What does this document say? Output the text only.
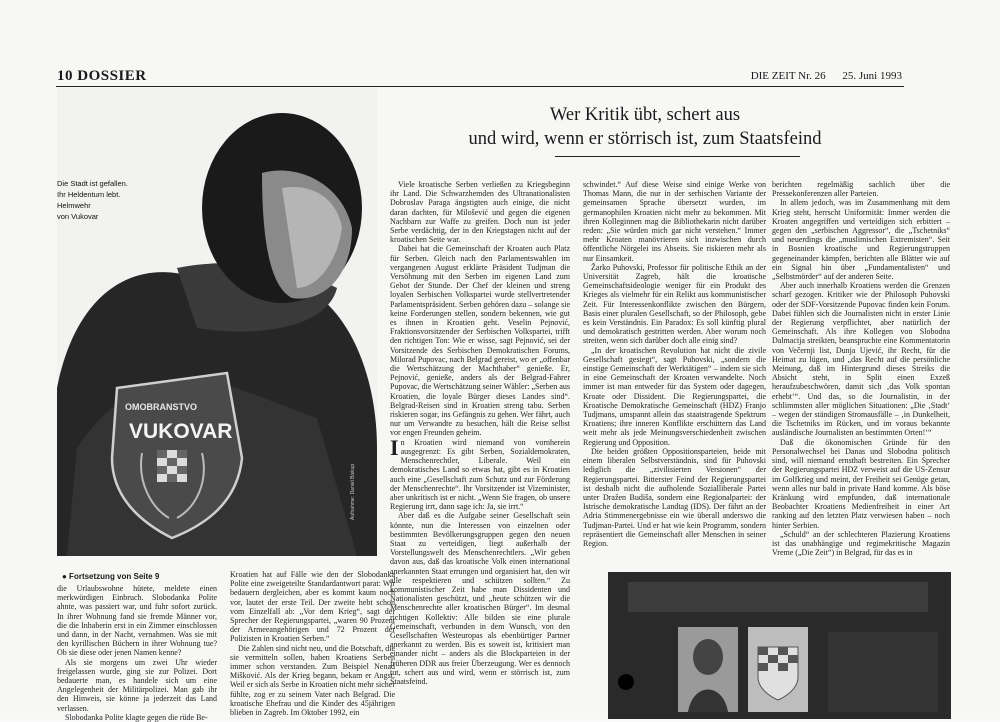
10 DOSSIER	DIE ZEIT Nr. 26 25. Juni 1993
OMOBRANSTVO
VUKOVAR
Die Stadt ist gefallen.
Ihr Heldentum lebt.
Helmwehr
von Vukovar
Aufnahme: Daniel Biskup
Wer Kritik übt, schert aus
und wird, wenn er störrisch ist, zum Staatsfeind

Viele kroatische Serben verließen zu Kriegsbeginn ihr Land. Die Schwarzhemden des Ultranationalisten Dobroslav Paraga ängstigten auch einige, die nicht daran dachten, für Milošević und gegen die eigenen Nachbarn zur Waffe zu greifen. Doch nun ist jeder Serbe verdächtig, der in den Kriegstagen nicht auf der kroatischen Seite war.

Dabei hat die Gemeinschaft der Kroaten auch Platz für Serben. Gleich nach den Parlamentswahlen im vergangenen August erklärte Präsident Tudjman die Versöhnung mit den Serben im eigenen Land zum Gebot der Stunde. Der Chef der kleinen und streng loyalen Serbischen Volkspartei wurde stellvertretender Parlamentspräsident. Serben gehören dazu – solange sie keine Forderungen stellen, sondern bekennen, wie gut es ihnen in Kroatien geht. Veselin Pejnović, Fraktionsvorsitzender der Serbischen Volkspartei, trifft den richtigen Ton: Wie er wisse, sagt Pejnović, sei der Vorsitzende des Serbischen Demokratischen Forums, Milorad Pupovac, nach Belgrad gereist, wo er „offenbar die Wertschätzung der Machthaber“ genieße. Er, Pejnović, genieße, anders als der Belgrad-Fahrer Pupovac, die Wertschätzung seiner Wähler: „Serben aus Kroatien, die loyale Bürger dieses Landes sind“. Belgrad-Reisen sind in Kroatien streng tabu. Serben riskieren sogar, ins Gefängnis zu gehen. Wer fährt, auch nur um Verwandte zu besuchen, hält die Reise selbst vor engen Freunden geheim.

In Kroatien wird niemand von vornherein ausgegrenzt: Es gibt Serben, Sozialdemokraten, Menschenrechtler, Liberale. Weil ein demokratisches Land so etwas hat, gibt es in Kroatien auch eine „Gesellschaft zum Schutz und zur Förderung der Menschenrechte“. Ihr Vorsitzender ist Vizeminister, aber unkritisch ist er nicht. „Wenn Sie fragen, ob unsere Regierung irrt, dann sage ich: Ja, sie irrt.“

Aber daß es die Aufgabe seiner Gesellschaft sein könnte, nun die Interessen von einzelnen oder bestimmten Bevölkerungsgruppen gegen den neuen Staat zu verteidigen, liegt außerhalb der Vorstellungswelt des Menschenrechtlers. „Wir geben davon aus, daß das kroatische Volk einen international anerkannten Staat errungen und organisiert hat, den wir alle respektieren und schützen sollten.“ Zu kommunistischer Zeit habe man Dissidenten und Nationalisten geschützt, und „heute schützen wir die Menschenrechte aller kroatischen Bürger“. Im desmal richtigen Kollektiv: Alle bilden sie eine plurale Gemeinschaft, verbunden in dem Wunsch, von den Gesellschaften Westeuropas als ebenbürtiger Partner anerkannt zu werden. Bis es soweit ist, kritisiert man einander nicht – anders als die Blockparteien in der früheren DDR aus freier Überzeugung. Wer es dennoch tut, schert aus und wird, wenn er störrisch ist, zum Staatsfeind.

schwindet.“ Auf diese Weise sind einige Werke von Thomas Mann, die nur in der serbischen Variante der gemeinsamen Sprache übersetzt wurden, im germanophilen Kroatien nicht mehr zu bekommen. Mit ihren Kolleginnen mag die Bibliothekarin nicht darüber reden: „Sie würden mich gar nicht verstehen.“ Immer mehr Kroaten manövrieren sich inzwischen durch öffentliche Nörgelei ins Abseits. Sie riskieren mehr als nur Einsamkeit.

Žarko Puhovski, Professor für politische Ethik an der Universität Zagreb, hält die kroatische Gemeinschaftsideologie weniger für ein Produkt des Krieges als vielmehr für ein Relikt aus kommunistischer Zeit. Für Interessenkonflikte zwischen den Bürgern, Basis einer pluralen Gesellschaft, so der Philosoph, gebe es kein Verständnis. Ein Paradox: Es soll künftig plural und demokratisch gestritten werden. Aber worum noch streiten, wenn sich darüber doch alle einig sind?

„In der kroatischen Revolution hat nicht die zivile Gesellschaft gesiegt“, sagt Puhovski, „sondern die einstige Gemeinschaft der Werktätigen“ – indem sie sich in eine Gemeinschaft der Kroaten verwandelte. Noch immer ist man entweder für das System oder dagegen, Kroate oder Dissident. Die Regierungspartei, die Kroatische Demokratische Gemeinschaft (HDZ) Franjo Tudjmans, umspannt allein das staatstragende Spektrum Kroatiens; ihre inneren Konflikte erschüttern das Land weit mehr als jede Meinungsverschiedenheit zwischen Regierung und Opposition.

Die beiden größten Oppositionsparteien, beide mit einem liberalen Selbstverständnis, sind für Puhovski lediglich die „zivilisierten Versionen“ der Regierungspartei. Bitterster Feind der Regierungspartei ist deshalb nicht die aufholende Sozialliberale Partei unter Dražen Budiša, sondern eine Regionalpartei: der Istrische demokratische Landtag (IDS). Der fährt an der Adria Stimmenergebnisse ein wie überall anderswo die Tudjman-Partei. Und er hat wie kein Programm, sondern repräsentiert die Gemeinschaft aller Menschen in seiner Region.

berichten regelmäßig sachlich über die Pressekonferenzen aller Parteien.

In allem jedoch, was im Zusammenhang mit dem Krieg steht, herrscht Uniformität: Immer werden die Kroaten angegriffen und verteidigen sich erbittert – gegen den „serbischen Aggressor“, die „Tschetniks“ und neuerdings die „muslimischen Extremisten“. Seit in Bosnien kroatische und Regierungstruppen gegeneinander kämpfen, berichten alle Blätter wie auf ein Signal hin über „Fundamentalisten“ und „Selbstmörder“ auf der anderen Seite.

Aber auch innerhalb Kroatiens werden die Grenzen scharf gezogen. Kritiker wie der Philosoph Puhovski oder der SDF-Vorsitzende Pupovac finden kein Forum. Dabei fühlen sich die Journalisten nicht in erster Linie der Regierung verpflichtet, aber natürlich der Gemeinschaft. Als ihre Kollegen von Slobodna Dalmacija streikten, beanspruchte eine Kommentatorin von Večernji list, Dunja Ujević, ihr Recht, für die Heimat zu lügen, und „das Recht auf die persönliche Meinung, daß im Hintergrund dieses Streiks die Absicht steht, in Split einen Exzeß heraufzubeschwören, damit sich ‚das Volk spontan erhebt‘“. Und das, so die Journalistin, in der schlimmsten aller möglichen Situationen: „Die ‚Stadt‘ – wegen der ständigen Stromausfälle – ‚in Dunkelheit, die Tschetniks im Rücken, und im voraus bekannte ausländische Journalisten an bestimmten Orten!‘“

Daß die ökonomischen Gründe für den Personalwechsel bei Danas und Slobodna politisch sind, will niemand ernsthaft bestreiten. Ein Sprecher der Regierungspartei HDZ verweist auf die US-Zensur im Golfkrieg und meint, der Freiheit sei Genüge getan, wenn alles nur bald in private Hand komme. Als böse Kränkung wird empfunden, daß internationale Beobachter Kroatiens Medienfreiheit in einer Art ranking auf den letzten Platz verwiesen haben – noch hinter Serbien.

„Schuld“ an der schlechteren Plazierung Kroatiens ist das unabhängige und regimekritische Magazin Vreme („Die Zeit“) in Belgrad, für das es in

● Fortsetzung von Seite 9

die Urlaubswohne hütete, meldete einen merkwürdigen Einbruch. Slobodanka Polite ahnte, was passiert war, und fuhr sofort zurück. In ihrer Wohnung fand sie fremde Männer vor, die die Inhaberin erst in ein Zimmer einschlossen und dann, in der Nacht, vernahmen. Was sie mit den kyrillischen Büchern in ihrer Wohnung tue? Ob sie diese oder jenen Namen kenne?

Als sie morgens um zwei Uhr wieder freigelassen wurde, ging sie zur Polizei. Dort bedauerte man, es handele sich um eine Angelegenheit der Militärpolizei. Man gab ihr den Hinweis, sie könne ja jederzeit das Land verlassen.

Slobodanka Polite klagte gegen die rüde Be-

Kroatien hat auf Fälle wie den der Slobodanka Polite eine zweigeteilte Standardantwort parat: Wir bedauern dergleichen, aber es kommt kaum noch vor, lautet der erste Teil. Der zweite hebt schon vom Einzelfall ab: „Vor dem Krieg“, sagt der Sprecher der Regierungspartei, „waren 90 Prozent der Armeeangehörigen und 72 Prozent der Polizisten in Kroatien Serben.“

Die Zahlen sind nicht neu, und die Botschaft, die sie vermitteln sollen, haben Kroatiens Serben immer schon verstanden. Zum Beispiel Nenad Mišković. Als der Krieg begann, bekam er Angst. Weil er sich als Serbe in Kroatien nicht mehr sicher fühlte, zog er zu seinem Vater nach Belgrad. Die kroatische Ehefrau und die Kinder des 45jährigen blieben in Zagreb. Im Oktober 1992, ein
